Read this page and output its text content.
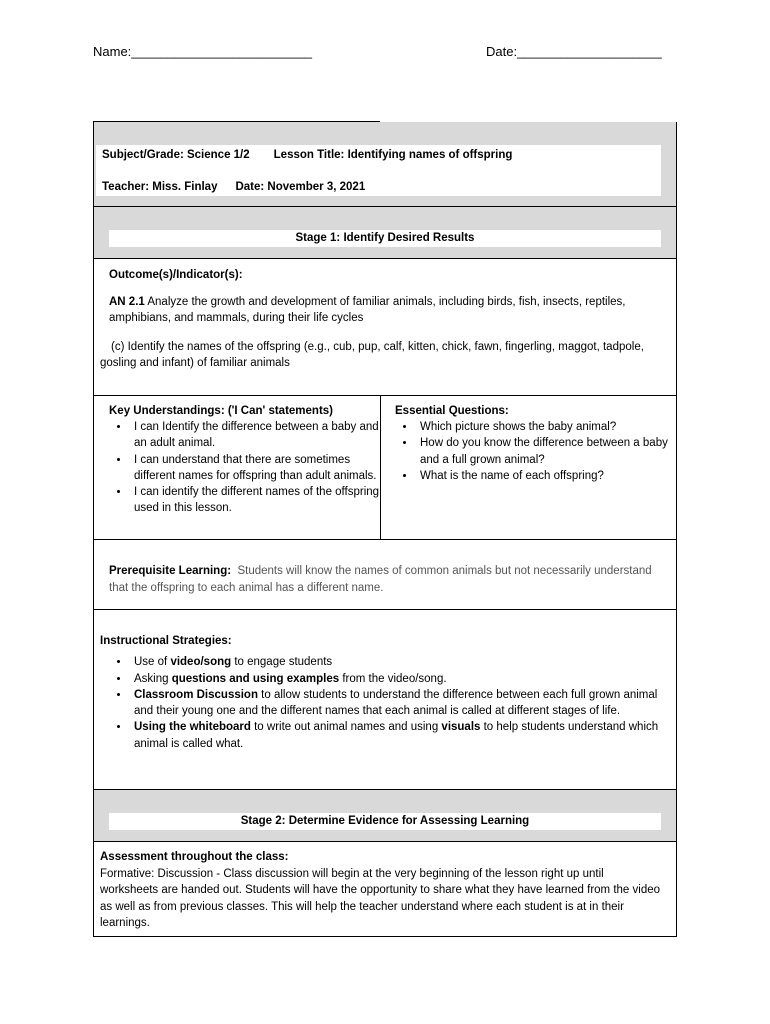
Name:_________________________	Date:____________________
Subject/Grade: Science 1/2 Lesson Title: Identifying names of offspring
Teacher: Miss. Finlay Date: November 3, 2021
Stage 1: Identify Desired Results

Outcome(s)/Indicator(s):

AN 2.1 Analyze the growth and development of familiar animals, including birds, fish, insects, reptiles, amphibians, and mammals, during their life cycles

(c) Identify the names of the offspring (e.g., cub, pup, calf, kitten, chick, fawn, fingerling, maggot, tadpole, gosling and infant) of familiar animals

Key Understandings: ('I Can' statements)
• I can Identify the difference between a baby and an adult animal.
• I can understand that there are sometimes different names for offspring than adult animals.
• I can identify the different names of the offspring used in this lesson.
Essential Questions:
• Which picture shows the baby animal?
• How do you know the difference between a baby and a full grown animal?
• What is the name of each offspring?
Prerequisite Learning: Students will know the names of common animals but not necessarily understand that the offspring to each animal has a different name.
Instructional Strategies:
• Use of video/song to engage students
• Asking questions and using examples from the video/song.
• Classroom Discussion to allow students to understand the difference between each full grown animal and their young one and the different names that each animal is called at different stages of life.
• Using the whiteboard to write out animal names and using visuals to help students understand which animal is called what.
Stage 2: Determine Evidence for Assessing Learning
Assessment throughout the class:
Formative: Discussion - Class discussion will begin at the very beginning of the lesson right up until worksheets are handed out. Students will have the opportunity to share what they have learned from the video as well as from previous classes. This will help the teacher understand where each student is at in their learnings.
